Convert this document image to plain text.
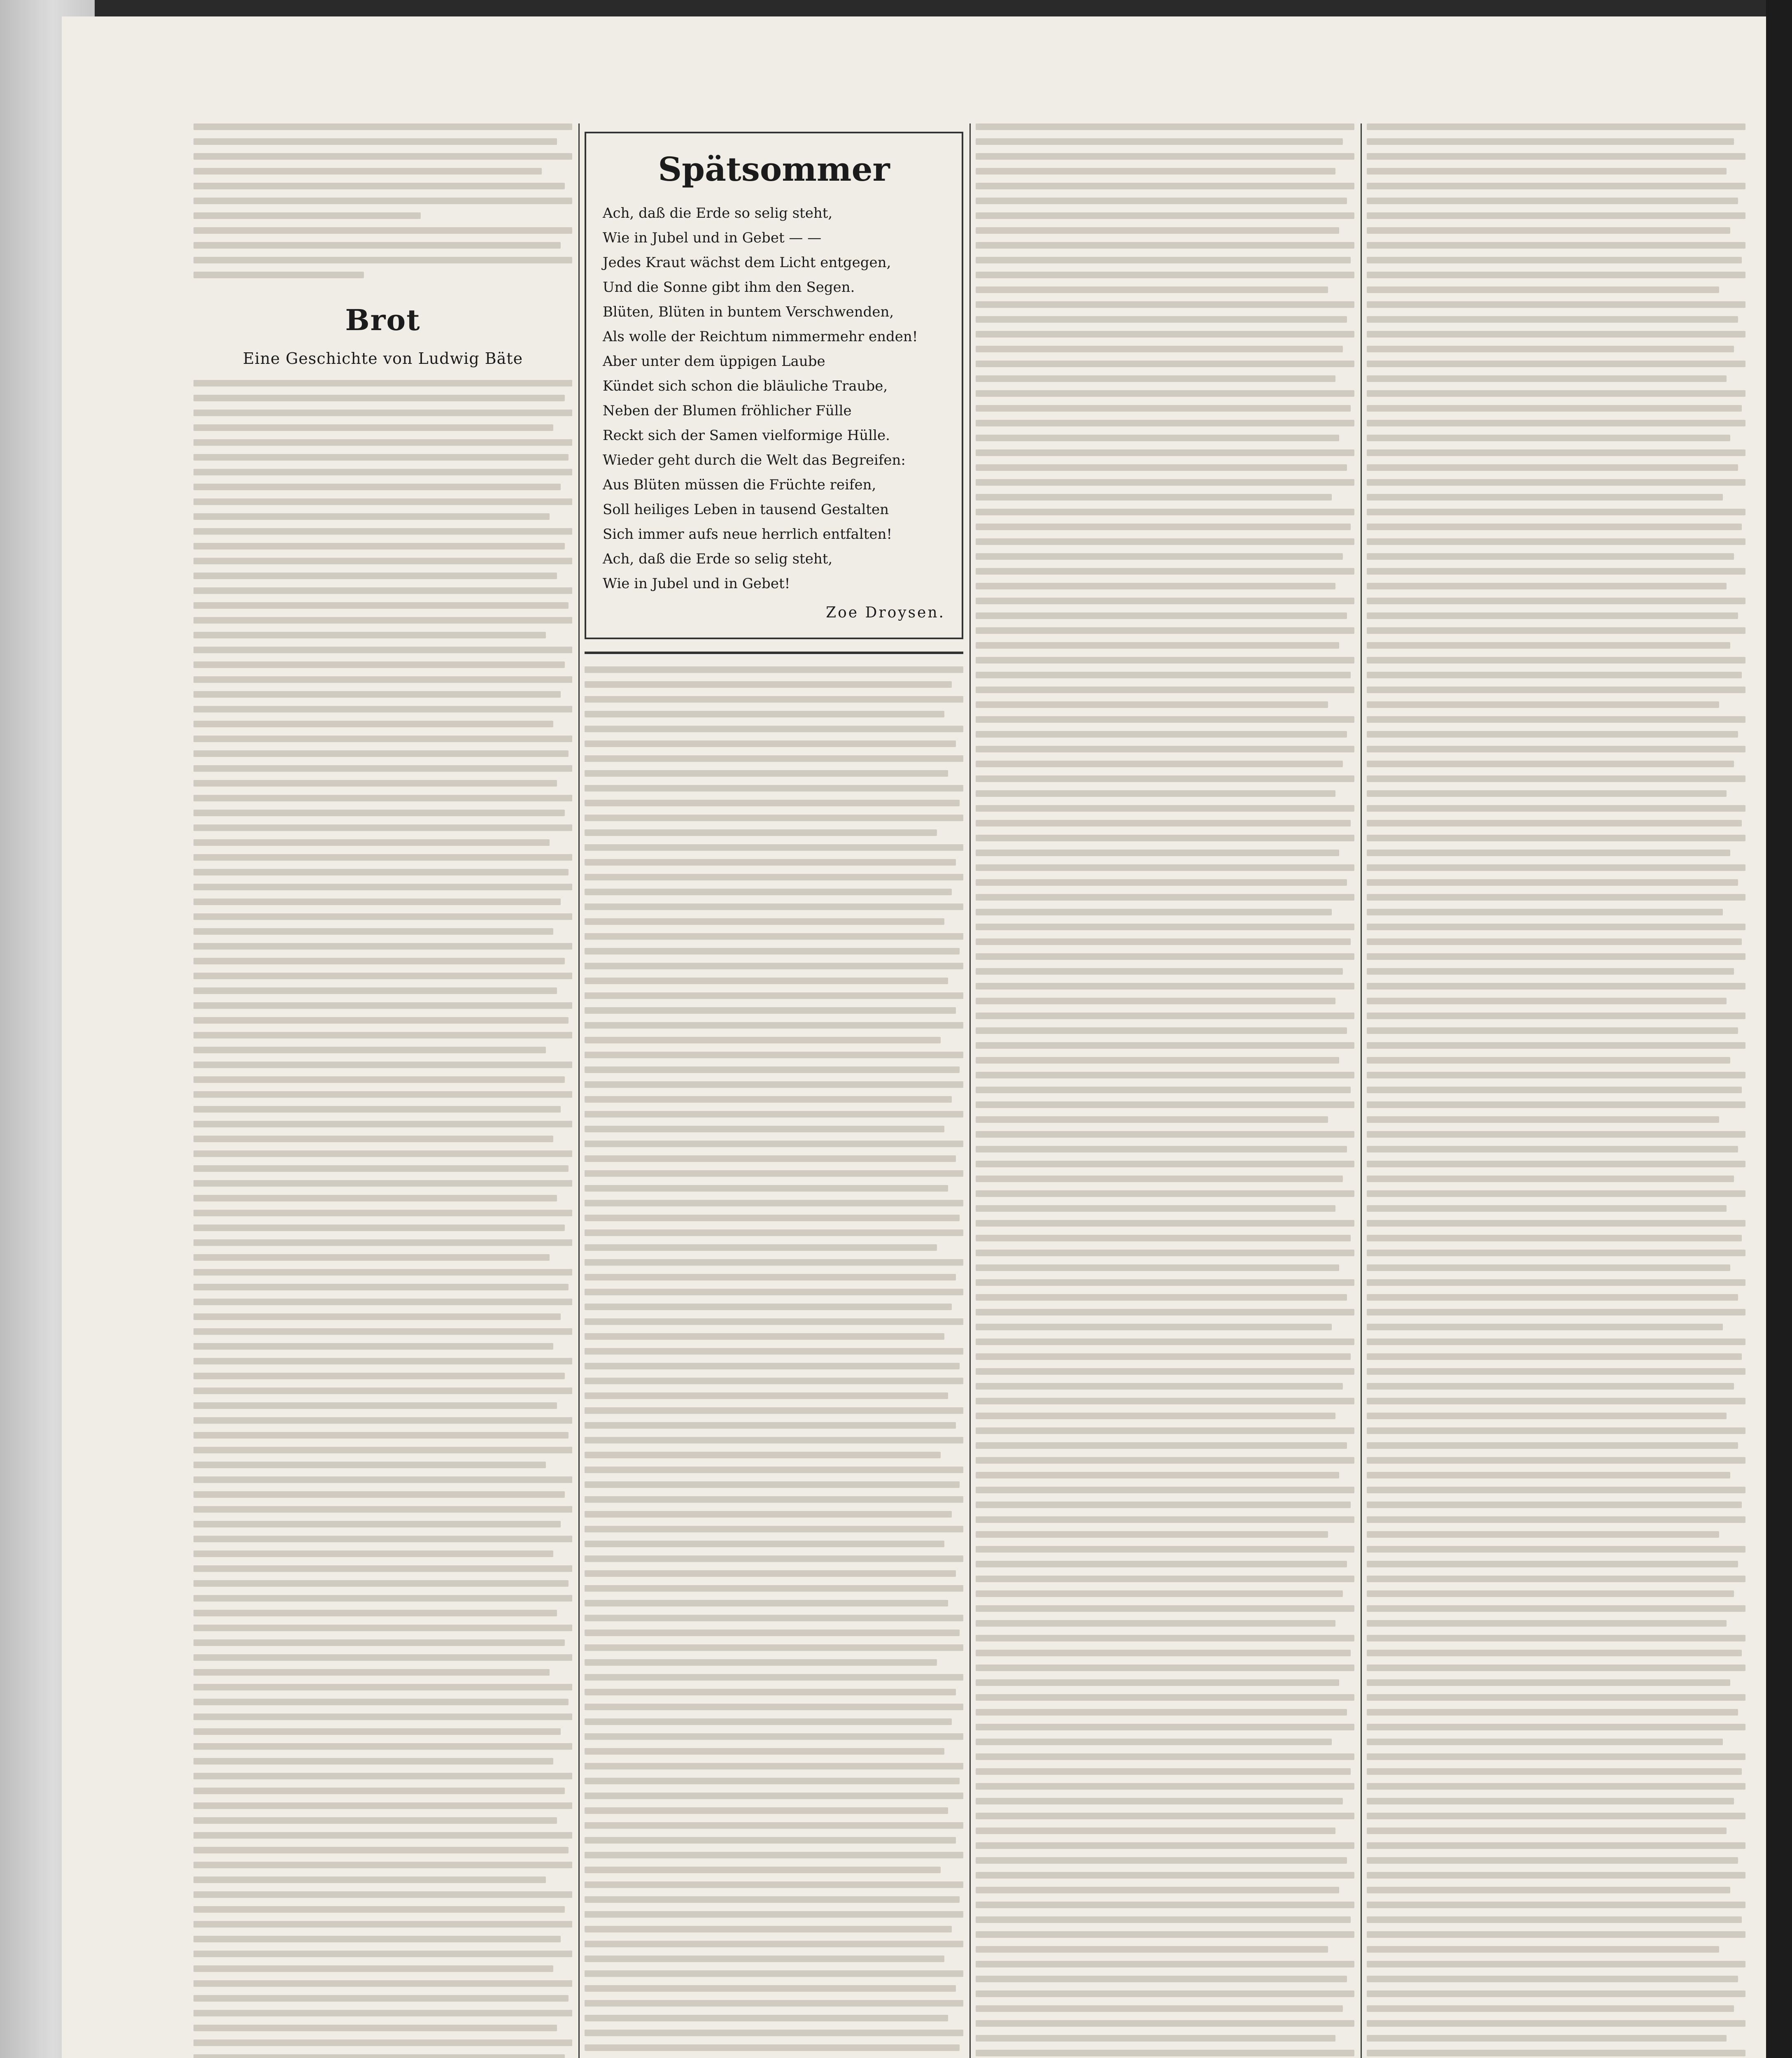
Brot
Eine Geschichte von Ludwig Bäte
Spätsommer
Ach, daß die Erde so selig steht,
Wie in Jubel und in Gebet — —
Jedes Kraut wächst dem Licht entgegen,
Und die Sonne gibt ihm den Segen.
Blüten, Blüten in buntem Verschwenden,
Als wolle der Reichtum nimmermehr enden!
Aber unter dem üppigen Laube
Kündet sich schon die bläuliche Traube,
Neben der Blumen fröhlicher Fülle
Reckt sich der Samen vielformige Hülle.
Wieder geht durch die Welt das Begreifen:
Aus Blüten müssen die Früchte reifen,
Soll heiliges Leben in tausend Gestalten
Sich immer aufs neue herrlich entfalten!
Ach, daß die Erde so selig steht,
Wie in Jubel und in Gebet!
Zoe Droysen.
